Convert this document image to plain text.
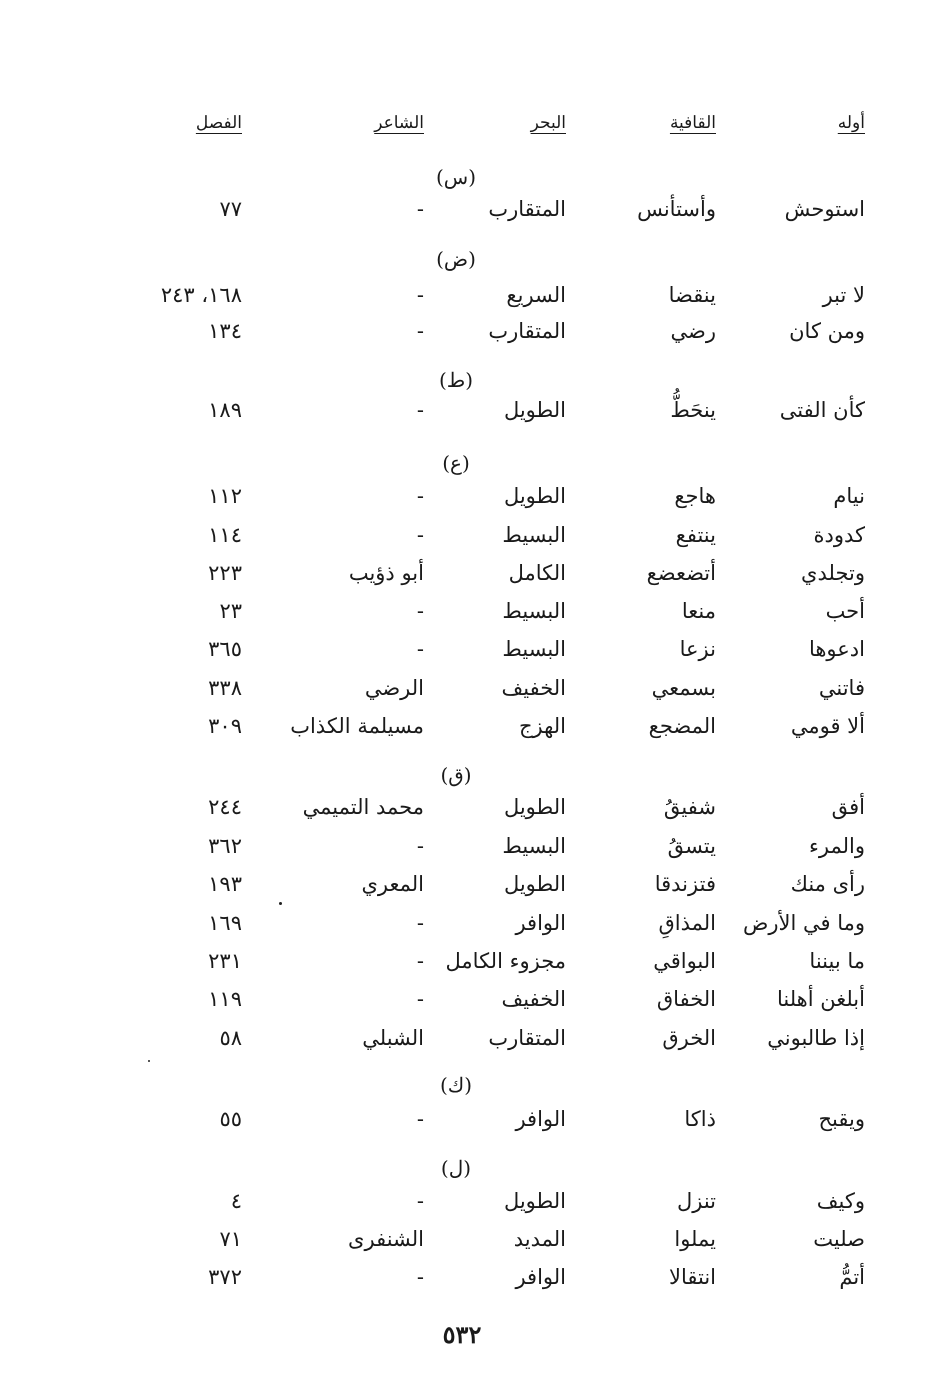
أوله
القافية
البحر
الشاعر
الفصل
(س)
استوحش
وأستأنس
المتقارب
-
٧٧
(ض)
لا تبر
ينقضا
السريع
-
١٦٨، ٢٤٣
ومن كان
رضي
المتقارب
-
١٣٤
(ط)
كأن الفتى
ينحَطُّ
الطويل
-
١٨٩
(ع)
نيام
هاجع
الطويل
-
١١٢
كدودة
ينتفع
البسيط
-
١١٤
وتجلدي
أتضعضع
الكامل
أبو ذؤيب
٢٢٣
أحب
منعا
البسيط
-
٢٣
ادعوها
نزعا
البسيط
-
٣٦٥
فاتني
بسمعي
الخفيف
الرضي
٣٣٨
ألا قومي
المضجع
الهزج
مسيلمة الكذاب
٣٠٩
(ق)
أفق
شفيقُ
الطويل
محمد التميمي
٢٤٤
والمرء
يتسقُ
البسيط
-
٣٦٢
رأى منك
فتزندقا
الطويل
المعري
١٩٣
وما في الأرض
المذاقِ
الوافر
-
١٦٩
ما بيننا
البواقي
مجزوء الكامل
-
٢٣١
أبلغن أهلنا
الخفاق
الخفيف
-
١١٩
إذا طالبوني
الخرق
المتقارب
الشبلي
٥٨
(ك)
ويقبح
ذاكا
الوافر
-
٥٥
(ل)
وكيف
تنزل
الطويل
-
٤
صليت
يملوا
المديد
الشنفرى
٧١
أتمُّ
انتقالا
الوافر
-
٣٧٢
٥٣٢
